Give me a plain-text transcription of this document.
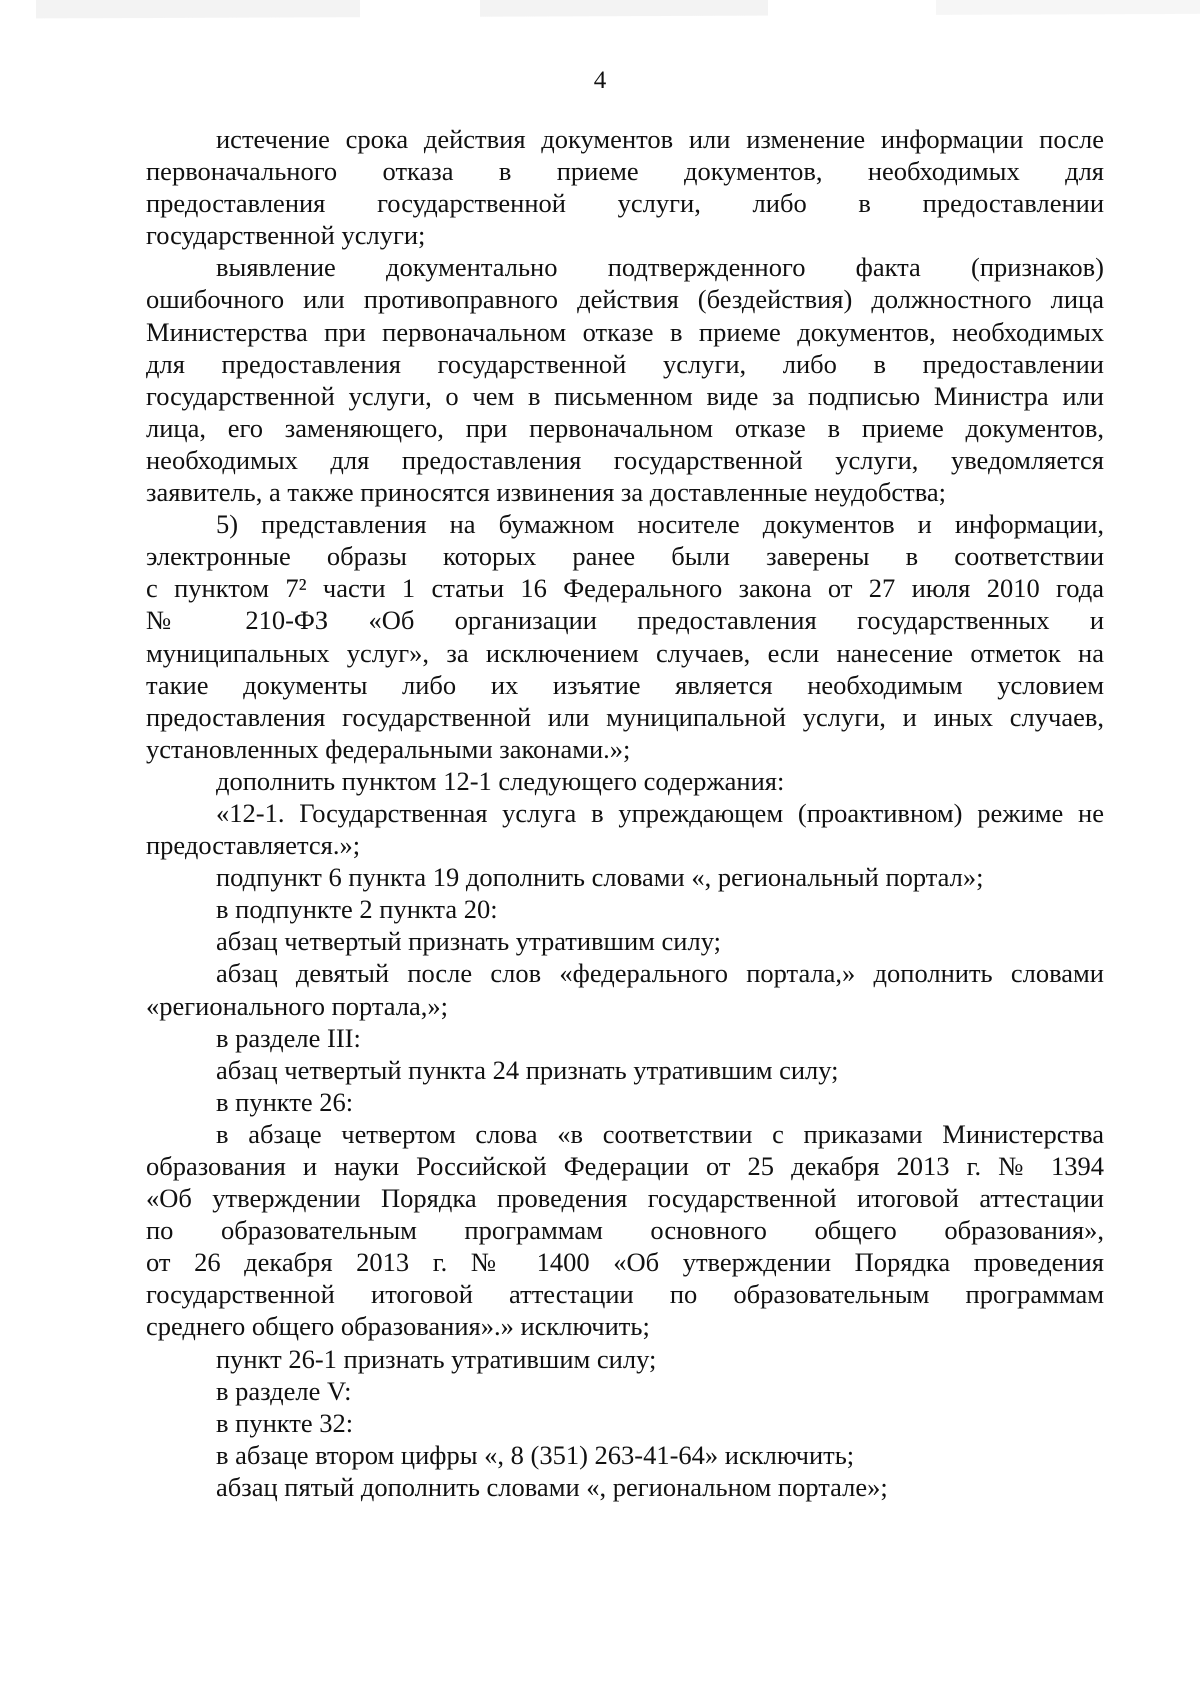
4
истечение срока действия документов или изменение информации после
первоначального отказа в приеме документов, необходимых для
предоставления государственной услуги, либо в предоставлении
государственной услуги;
выявление документально подтвержденного факта (признаков)
ошибочного или противоправного действия (бездействия) должностного лица
Министерства при первоначальном отказе в приеме документов, необходимых
для предоставления государственной услуги, либо в предоставлении
государственной услуги, о чем в письменном виде за подписью Министра или
лица, его заменяющего, при первоначальном отказе в приеме документов,
необходимых для предоставления государственной услуги, уведомляется
заявитель, а также приносятся извинения за доставленные неудобства;
5) представления на бумажном носителе документов и информации,
электронные образы которых ранее были заверены в соответствии
с пунктом 7² части 1 статьи 16 Федерального закона от 27 июля 2010 года
№ 210-ФЗ «Об организации предоставления государственных и
муниципальных услуг», за исключением случаев, если нанесение отметок на
такие документы либо их изъятие является необходимым условием
предоставления государственной или муниципальной услуги, и иных случаев,
установленных федеральными законами.»;
дополнить пунктом 12-1 следующего содержания:
«12-1. Государственная услуга в упреждающем (проактивном) режиме не
предоставляется.»;
подпункт 6 пункта 19 дополнить словами «, региональный портал»;
в подпункте 2 пункта 20:
абзац четвертый признать утратившим силу;
абзац девятый после слов «федерального портала,» дополнить словами
«регионального портала,»;
в разделе III:
абзац четвертый пункта 24 признать утратившим силу;
в пункте 26:
в абзаце четвертом слова «в соответствии с приказами Министерства
образования и науки Российской Федерации от 25 декабря 2013 г. № 1394
«Об утверждении Порядка проведения государственной итоговой аттестации
по образовательным программам основного общего образования»,
от 26 декабря 2013 г. № 1400 «Об утверждении Порядка проведения
государственной итоговой аттестации по образовательным программам
среднего общего образования».» исключить;
пункт 26-1 признать утратившим силу;
в разделе V:
в пункте 32:
в абзаце втором цифры «, 8 (351) 263-41-64» исключить;
абзац пятый дополнить словами «, региональном портале»;
